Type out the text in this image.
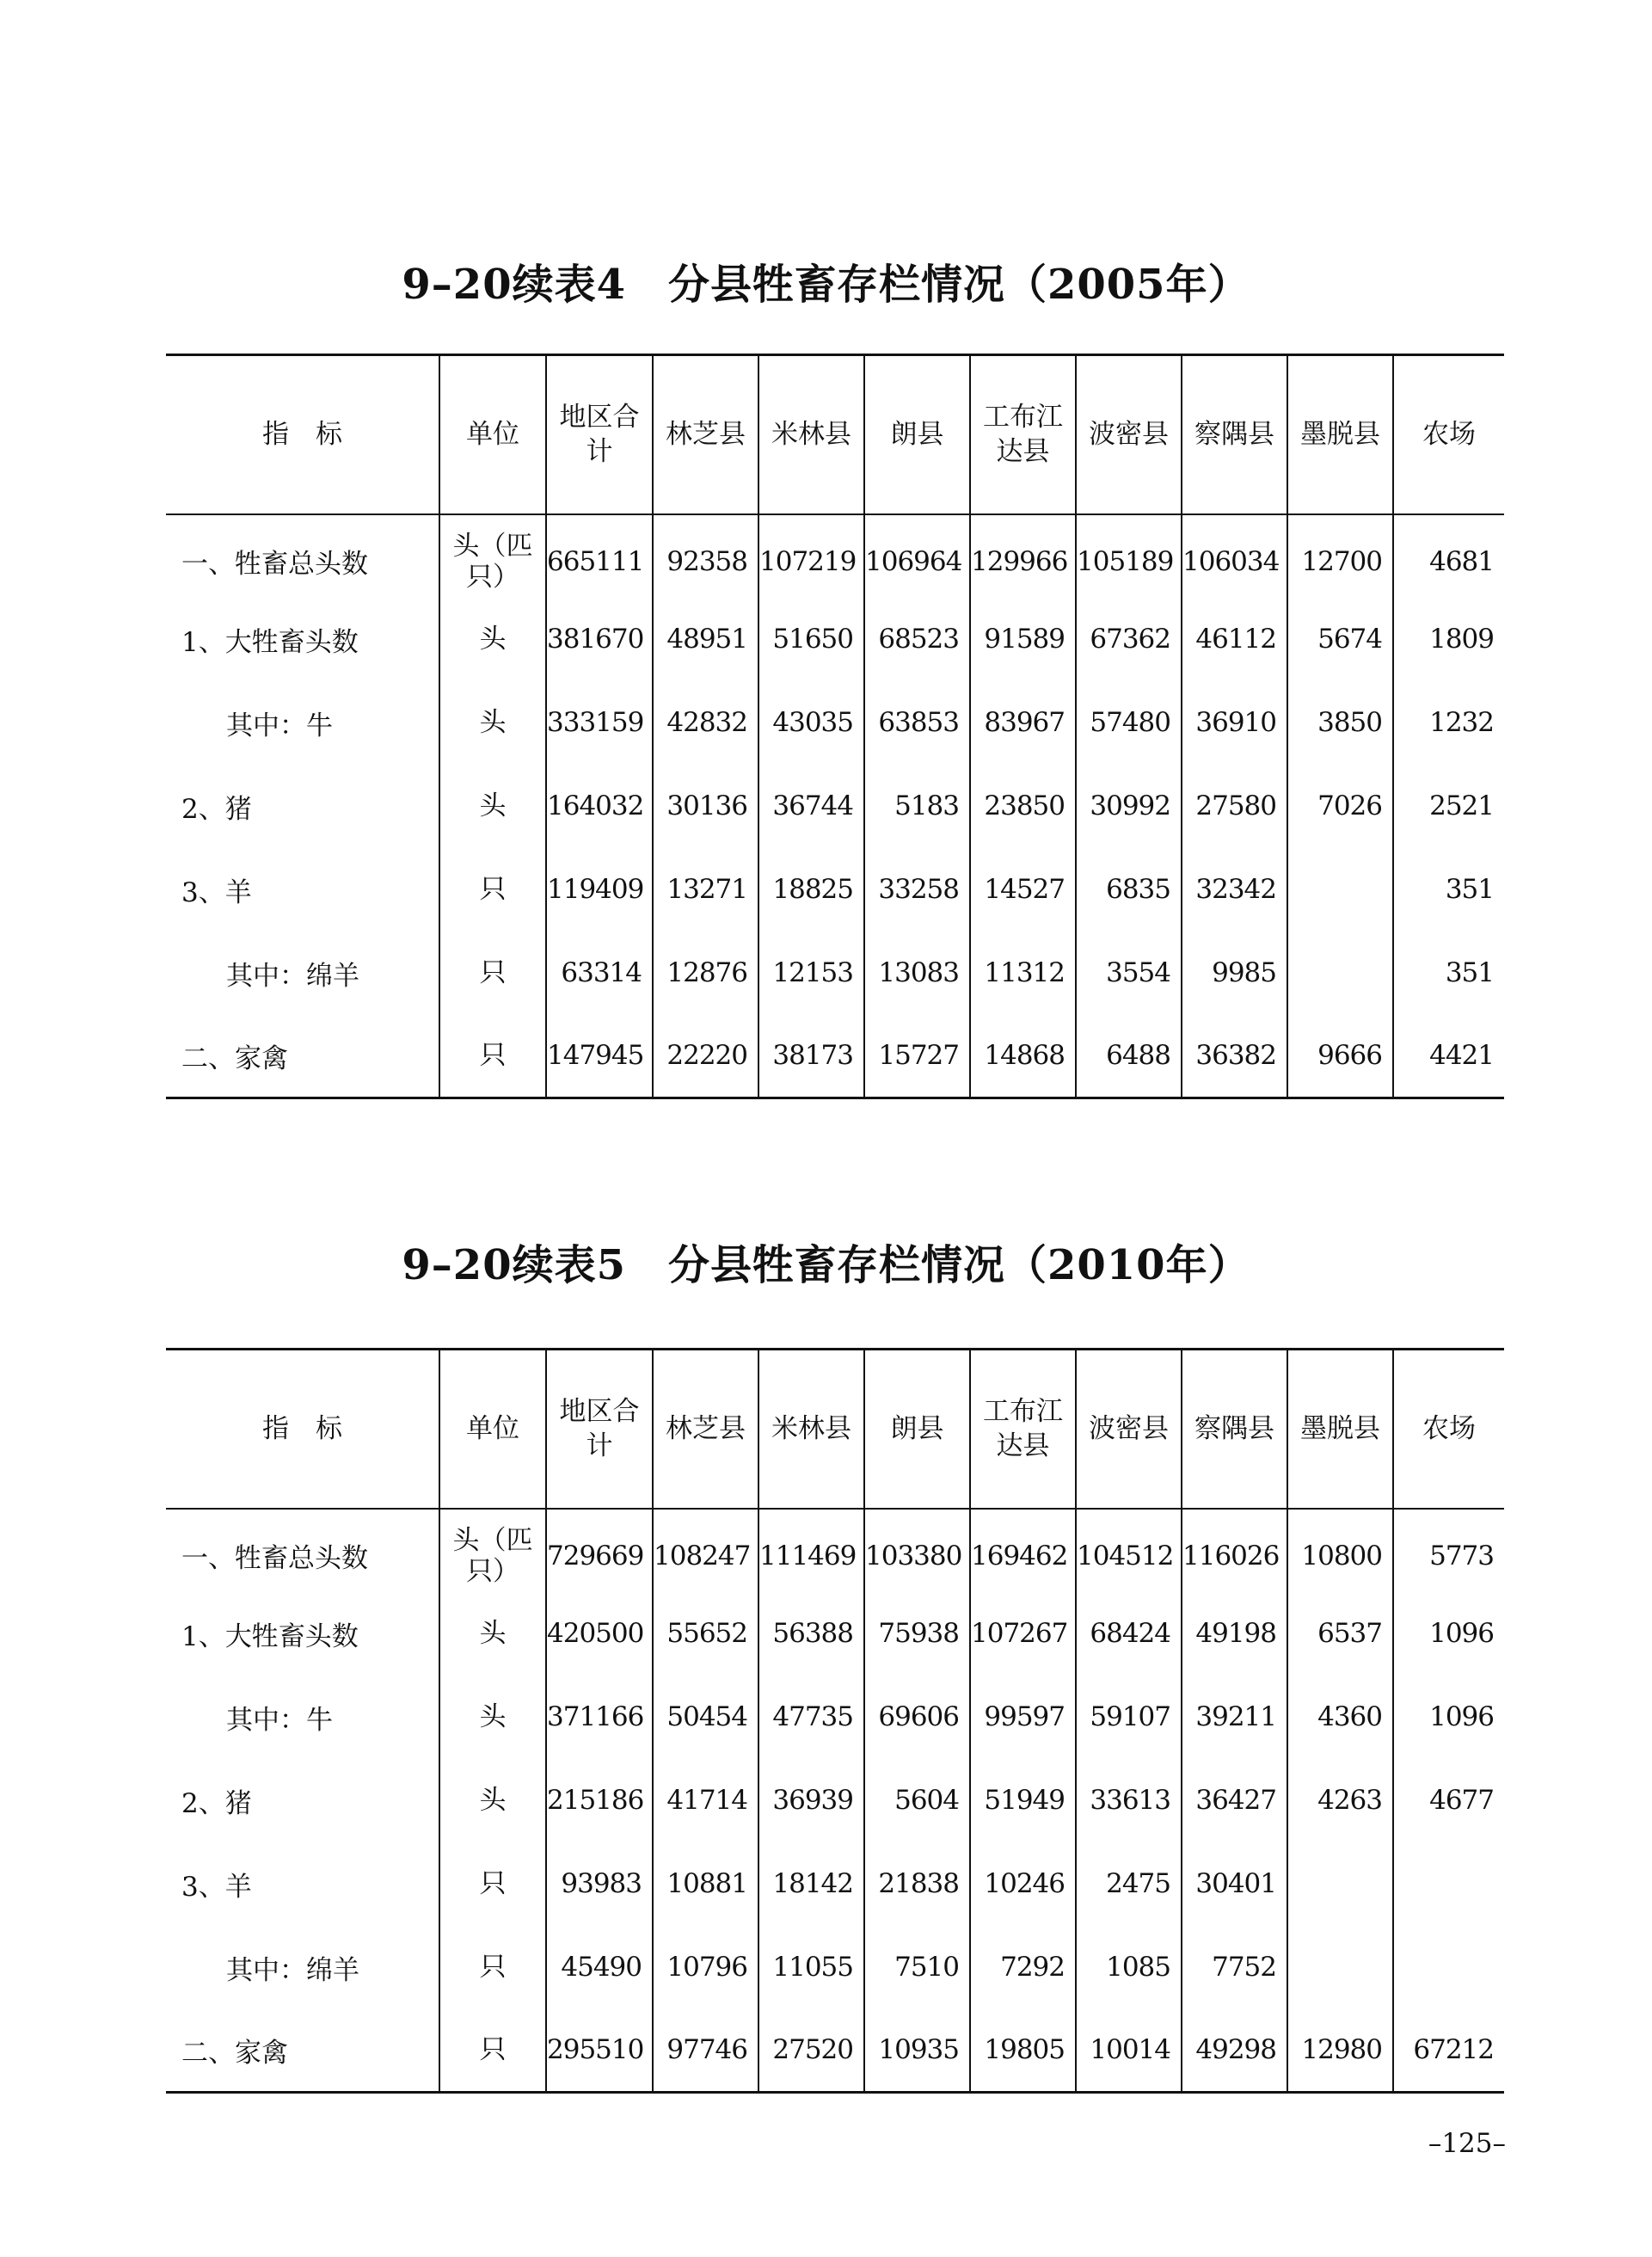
9–20续表4　分县牲畜存栏情况（2005年）
指　标	单位	地区合计	林芝县	米林县	朗县	工布江达县	波密县	察隅县	墨脱县	农场
一、牲畜总头数	头（匹只）	665111	92358	107219	106964	129966	105189	106034	12700	4681
1、大牲畜头数	头	381670	48951	51650	68523	91589	67362	46112	5674	1809
其中：牛	头	333159	42832	43035	63853	83967	57480	36910	3850	1232
2、猪	头	164032	30136	36744	5183	23850	30992	27580	7026	2521
3、羊	只	119409	13271	18825	33258	14527	6835	32342		351
其中：绵羊	只	63314	12876	12153	13083	11312	3554	9985		351
二、家禽	只	147945	22220	38173	15727	14868	6488	36382	9666	4421
9–20续表5　分县牲畜存栏情况（2010年）
指　标	单位	地区合计	林芝县	米林县	朗县	工布江达县	波密县	察隅县	墨脱县	农场
一、牲畜总头数	头（匹只）	729669	108247	111469	103380	169462	104512	116026	10800	5773
1、大牲畜头数	头	420500	55652	56388	75938	107267	68424	49198	6537	1096
其中：牛	头	371166	50454	47735	69606	99597	59107	39211	4360	1096
2、猪	头	215186	41714	36939	5604	51949	33613	36427	4263	4677
3、羊	只	93983	10881	18142	21838	10246	2475	30401		
其中：绵羊	只	45490	10796	11055	7510	7292	1085	7752		
二、家禽	只	295510	97746	27520	10935	19805	10014	49298	12980	67212
–125–
